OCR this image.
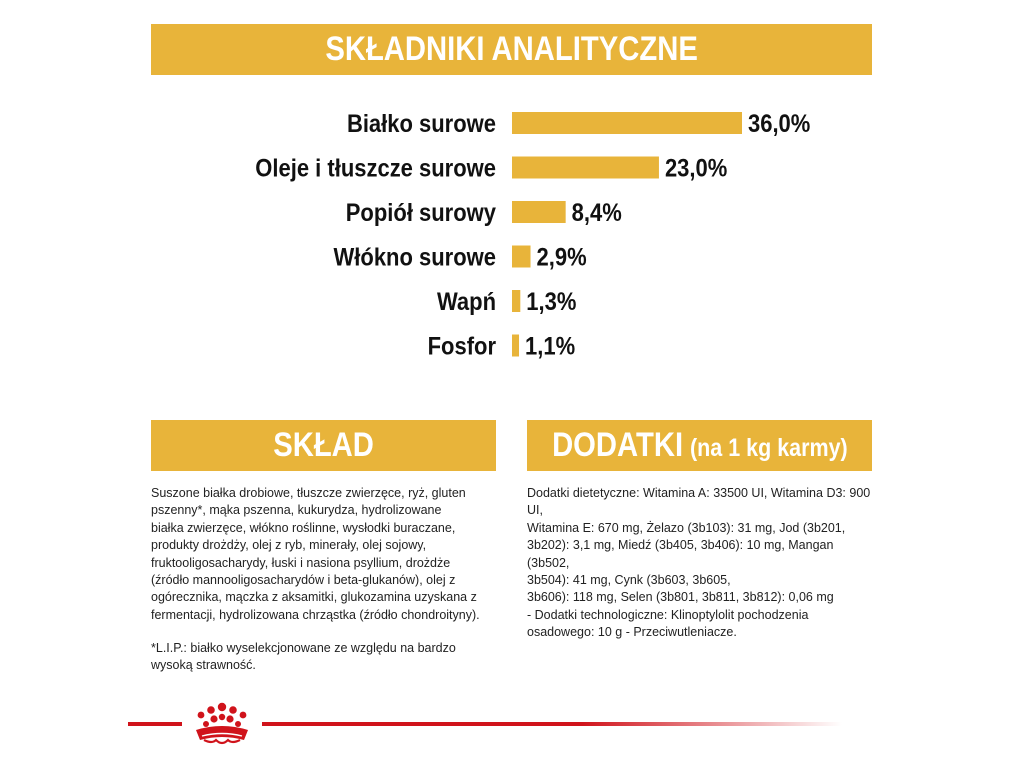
SKŁADNIKI ANALITYCZNE
Białko surowe	36,0%
Oleje i tłuszcze surowe	23,0%
Popiół surowy	8,4%
Włókno surowe 2,9%
Wapń 1,3%
Fosfor 1,1%
SKŁAD	DODATKI (na 1 kg karmy)

Suszone białka drobiowe, tłuszcze zwierzęce, ryż, gluten
pszenny*, mąka pszenna, kukurydza, hydrolizowane
białka zwierzęce, włókno roślinne, wysłodki buraczane,
produkty drożdży, olej z ryb, minerały, olej sojowy,
fruktooligosacharydy, łuski i nasiona psyllium, drożdże
(źródło mannooligosacharydów i beta-glukanów), olej z
ogórecznika, mączka z aksamitki, glukozamina uzyskana z
fermentacji, hydrolizowana chrząstka (źródło chondroityny).

*L.I.P.: białko wyselekcjonowane ze względu na bardzo
wysoką strawność.

Dodatki dietetyczne: Witamina A: 33500 UI, Witamina D3: 900 UI,
Witamina E: 670 mg, Żelazo (3b103): 31 mg, Jod (3b201,
3b202): 3,1 mg, Miedź (3b405, 3b406): 10 mg, Mangan (3b502,
3b504): 41 mg, Cynk (3b603, 3b605,
3b606): 118 mg, Selen (3b801, 3b811, 3b812): 0,06 mg
- Dodatki technologiczne: Klinoptylolit pochodzenia
osadowego: 10 g - Przeciwutleniacze.
